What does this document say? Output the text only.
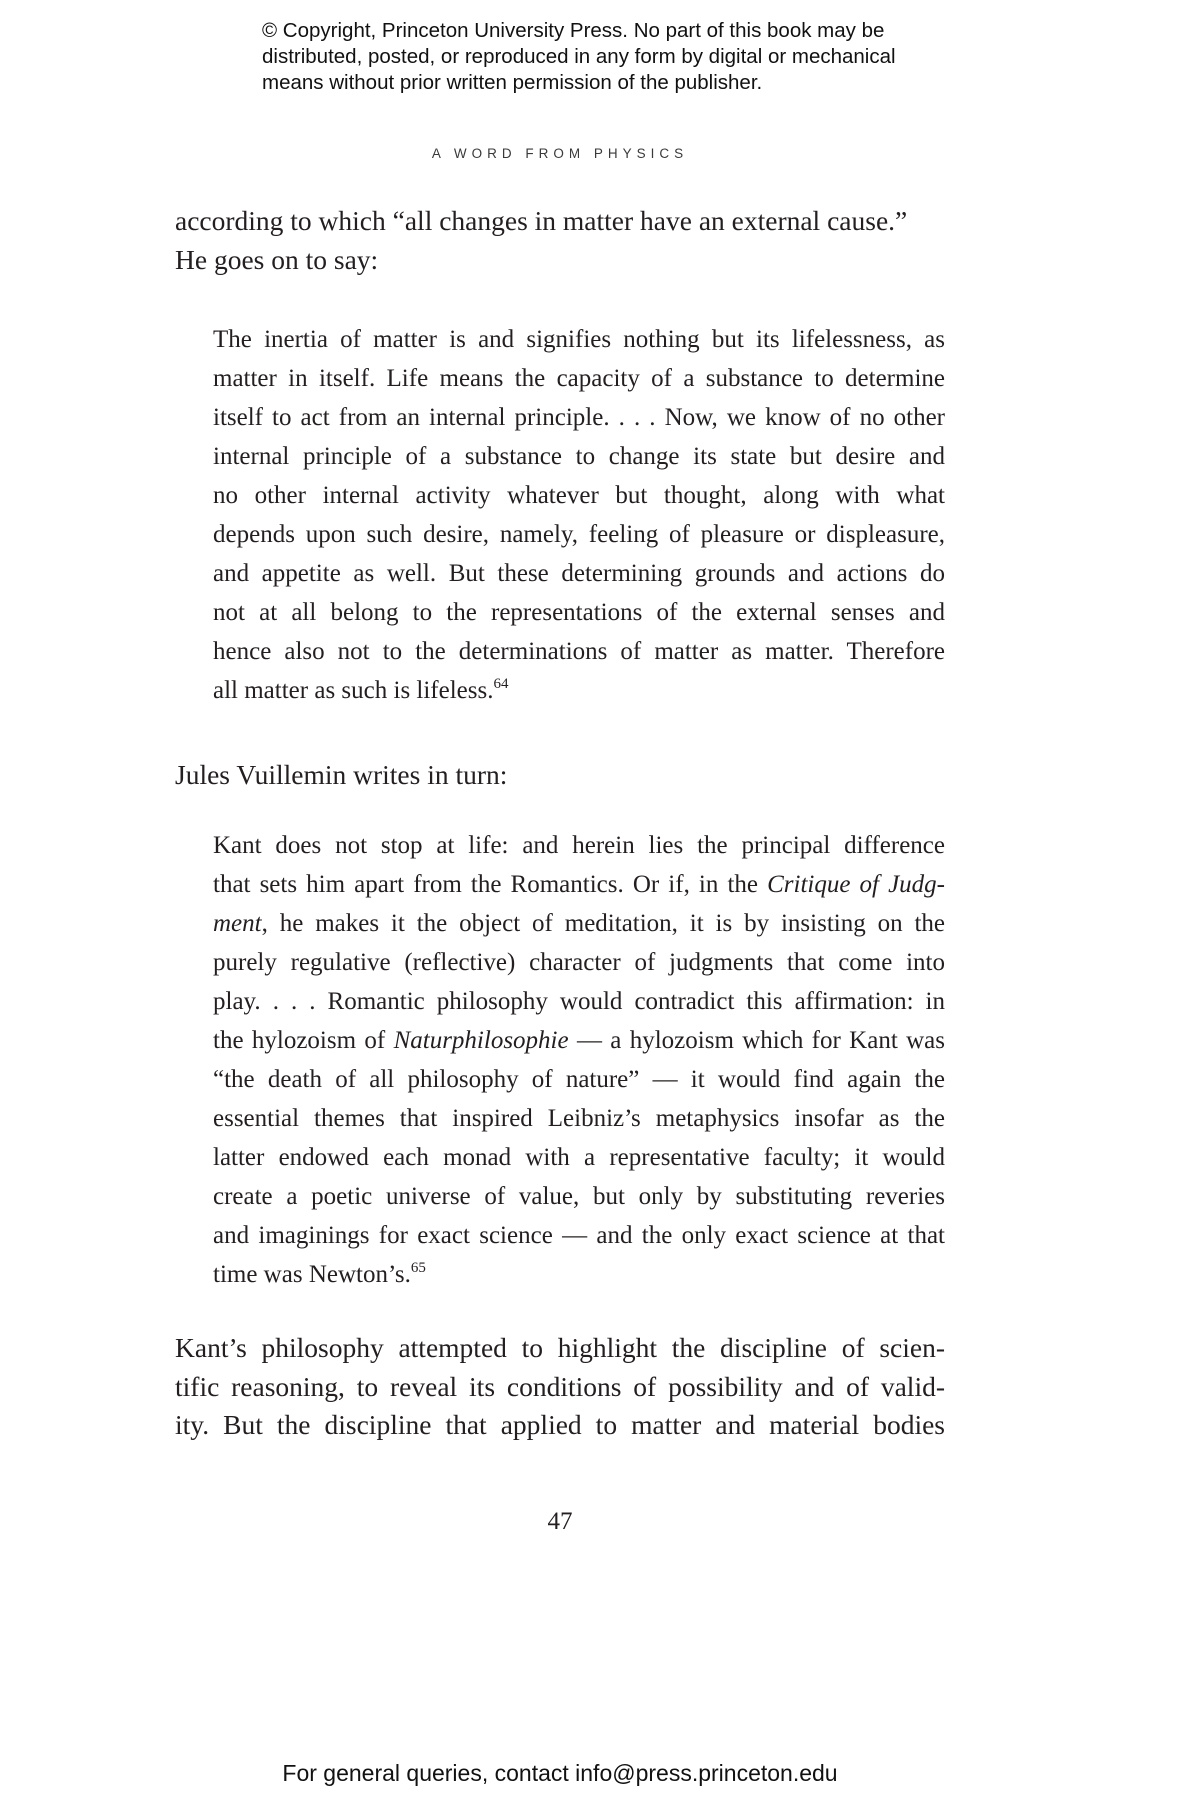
© Copyright, Princeton University Press. No part of this book may be
distributed, posted, or reproduced in any form by digital or mechanical
means without prior written permission of the publisher.
A WORD FROM PHYSICS
according to which “all changes in matter have an external cause.”
He goes on to say:
The inertia of matter is and signifies nothing but its lifelessness, as
matter in itself. Life means the capacity of a substance to determine
itself to act from an internal principle. . . . Now, we know of no other
internal principle of a substance to change its state but desire and
no other internal activity whatever but thought, along with what
depends upon such desire, namely, feeling of pleasure or displeasure,
and appetite as well. But these determining grounds and actions do
not at all belong to the representations of the external senses and
hence also not to the determinations of matter as matter. Therefore
all matter as such is lifeless.$^{64}$
Jules Vuillemin writes in turn:
Kant does not stop at life: and herein lies the principal difference
that sets him apart from the Romantics. Or if, in the Critique of Judg-
ment, he makes it the object of meditation, it is by insisting on the
purely regulative (reflective) character of judgments that come into
play. . . . Romantic philosophy would contradict this affirmation: in
the hylozoism of Naturphilosophie — a hylozoism which for Kant was
“the death of all philosophy of nature” — it would find again the
essential themes that inspired Leibniz’s metaphysics insofar as the
latter endowed each monad with a representative faculty; it would
create a poetic universe of value, but only by substituting reveries
and imaginings for exact science — and the only exact science at that
time was Newton’s.$^{65}$
Kant’s philosophy attempted to highlight the discipline of scien-
tific reasoning, to reveal its conditions of possibility and of valid-
ity. But the discipline that applied to matter and material bodies
47
For general queries, contact info@press.princeton.edu
